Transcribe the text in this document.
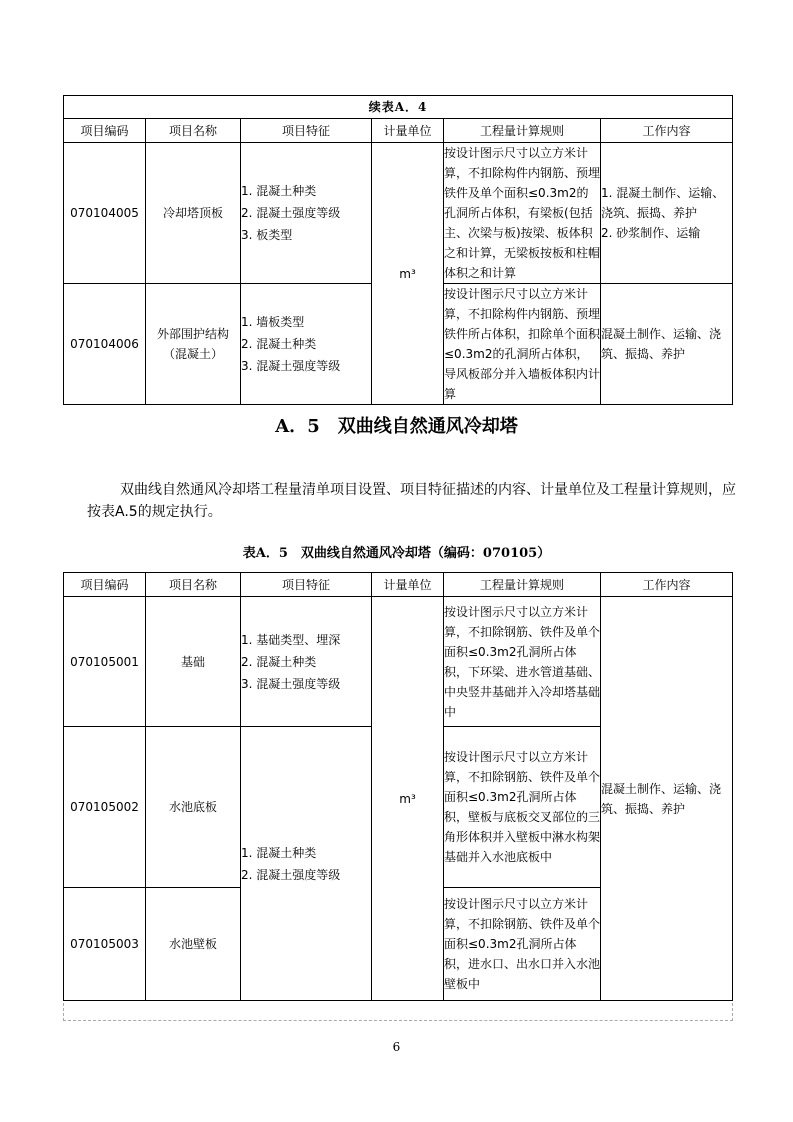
续表A．4					
项目编码	项目名称	项目特征	计量单位	工程量计算规则	工作内容
070104005	冷却塔顶板	1. 混凝土种类
2. 混凝土强度等级
3. 板类型	m³	按设计图示尺寸以立方米计算，不扣除构件内钢筋、预埋铁件及单个面积≤0.3m2的孔洞所占体积，有梁板(包括主、次梁与板)按梁、板体积之和计算，无梁板按板和柱帽体积之和计算	1. 混凝土制作、运输、浇筑、振捣、养护
2. 砂浆制作、运输

070104006	外部围护结构（混凝土）	1. 墙板类型
2. 混凝土种类
3. 混凝土强度等级		按设计图示尺寸以立方米计算，不扣除构件内钢筋、预埋铁件所占体积，扣除单个面积≤0.3m2的孔洞所占体积，导风板部分并入墙板体积内计算	混凝土制作、运输、浇筑、振捣、养护
A．5　双曲线自然通风冷却塔
双曲线自然通风冷却塔工程量清单项目设置、项目特征描述的内容、计量单位及工程量计算规则，应按表A.5的规定执行。
表A．5　双曲线自然通风冷却塔（编码：070105）
项目编码	项目名称	项目特征	计量单位	工程量计算规则	工作内容
070105001	基础	1. 基础类型、埋深
2. 混凝土种类
3. 混凝土强度等级	m³	按设计图示尺寸以立方米计算，不扣除钢筋、铁件及单个面积≤0.3m2孔洞所占体积，下环梁、进水管道基础、中央竖井基础并入冷却塔基础中	混凝土制作、运输、浇筑、振捣、养护
070105002	水池底板	1. 混凝土种类
2. 混凝土强度等级		按设计图示尺寸以立方米计算，不扣除钢筋、铁件及单个面积≤0.3m2孔洞所占体积，壁板与底板交叉部位的三角形体积并入壁板中淋水构架基础并入水池底板中	
070105003	水池壁板			按设计图示尺寸以立方米计算，不扣除钢筋、铁件及单个面积≤0.3m2孔洞所占体积，进水口、出水口并入水池壁板中	
6
